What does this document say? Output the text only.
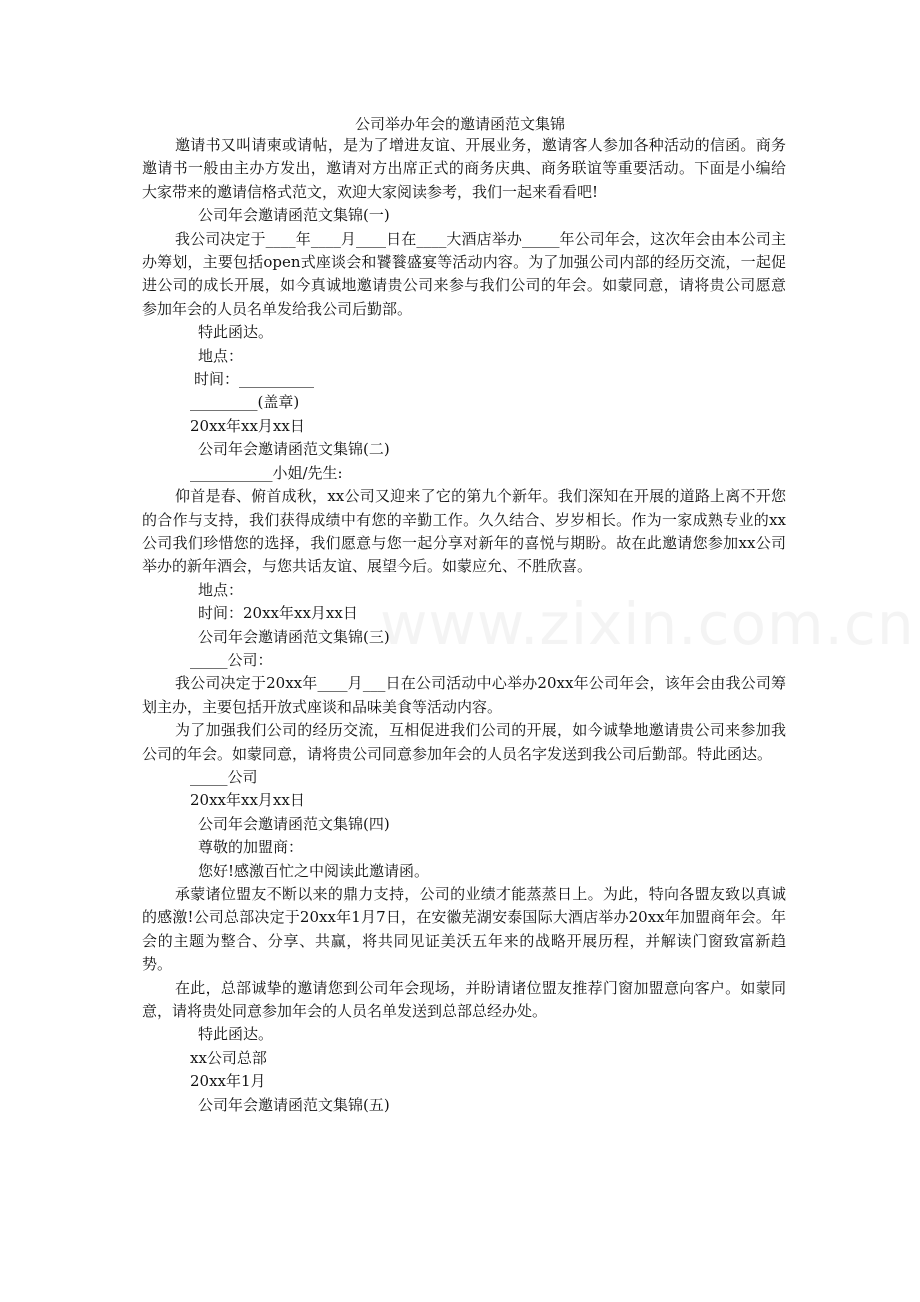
www.zixin.com.cn
公司举办年会的邀请函范文集锦

邀请书又叫请柬或请帖，是为了增进友谊、开展业务，邀请客人参加各种活动的信函。商务邀请书一般由主办方发出，邀请对方出席正式的商务庆典、商务联谊等重要活动。下面是小编给大家带来的邀请信格式范文，欢迎大家阅读参考，我们一起来看看吧!

公司年会邀请函范文集锦(一)

我公司决定于____年____月____日在____大酒店举办_____年公司年会，这次年会由本公司主办筹划，主要包括open式座谈会和饕餮盛宴等活动内容。为了加强公司内部的经历交流，一起促进公司的成长开展，如今真诚地邀请贵公司来参与我们公司的年会。如蒙同意，请将贵公司愿意参加年会的人员名单发给我公司后勤部。

特此函达。

地点：

时间：__________

_________(盖章)

20xx年xx月xx日

公司年会邀请函范文集锦(二)

___________小姐/先生:

仰首是春、俯首成秋，xx公司又迎来了它的第九个新年。我们深知在开展的道路上离不开您的合作与支持，我们获得成绩中有您的辛勤工作。久久结合、岁岁相长。作为一家成熟专业的xx公司我们珍惜您的选择，我们愿意与您一起分享对新年的喜悦与期盼。故在此邀请您参加xx公司举办的新年酒会，与您共话友谊、展望今后。如蒙应允、不胜欣喜。

地点：

时间：20xx年xx月xx日

公司年会邀请函范文集锦(三)

_____公司：

我公司决定于20xx年____月___日在公司活动中心举办20xx年公司年会，该年会由我公司筹划主办，主要包括开放式座谈和品味美食等活动内容。

为了加强我们公司的经历交流，互相促进我们公司的开展，如今诚挚地邀请贵公司来参加我公司的年会。如蒙同意，请将贵公司同意参加年会的人员名字发送到我公司后勤部。特此函达。

_____公司

20xx年xx月xx日

公司年会邀请函范文集锦(四)

尊敬的加盟商：

您好!感激百忙之中阅读此邀请函。

承蒙诸位盟友不断以来的鼎力支持，公司的业绩才能蒸蒸日上。为此，特向各盟友致以真诚的感激!公司总部决定于20xx年1月7日，在安徽芜湖安泰国际大酒店举办20xx年加盟商年会。年会的主题为整合、分享、共赢，将共同见证美沃五年来的战略开展历程，并解读门窗致富新趋势。

在此，总部诚挚的邀请您到公司年会现场，并盼请诸位盟友推荐门窗加盟意向客户。如蒙同意，请将贵处同意参加年会的人员名单发送到总部总经办处。

特此函达。

xx公司总部

20xx年1月

公司年会邀请函范文集锦(五)
